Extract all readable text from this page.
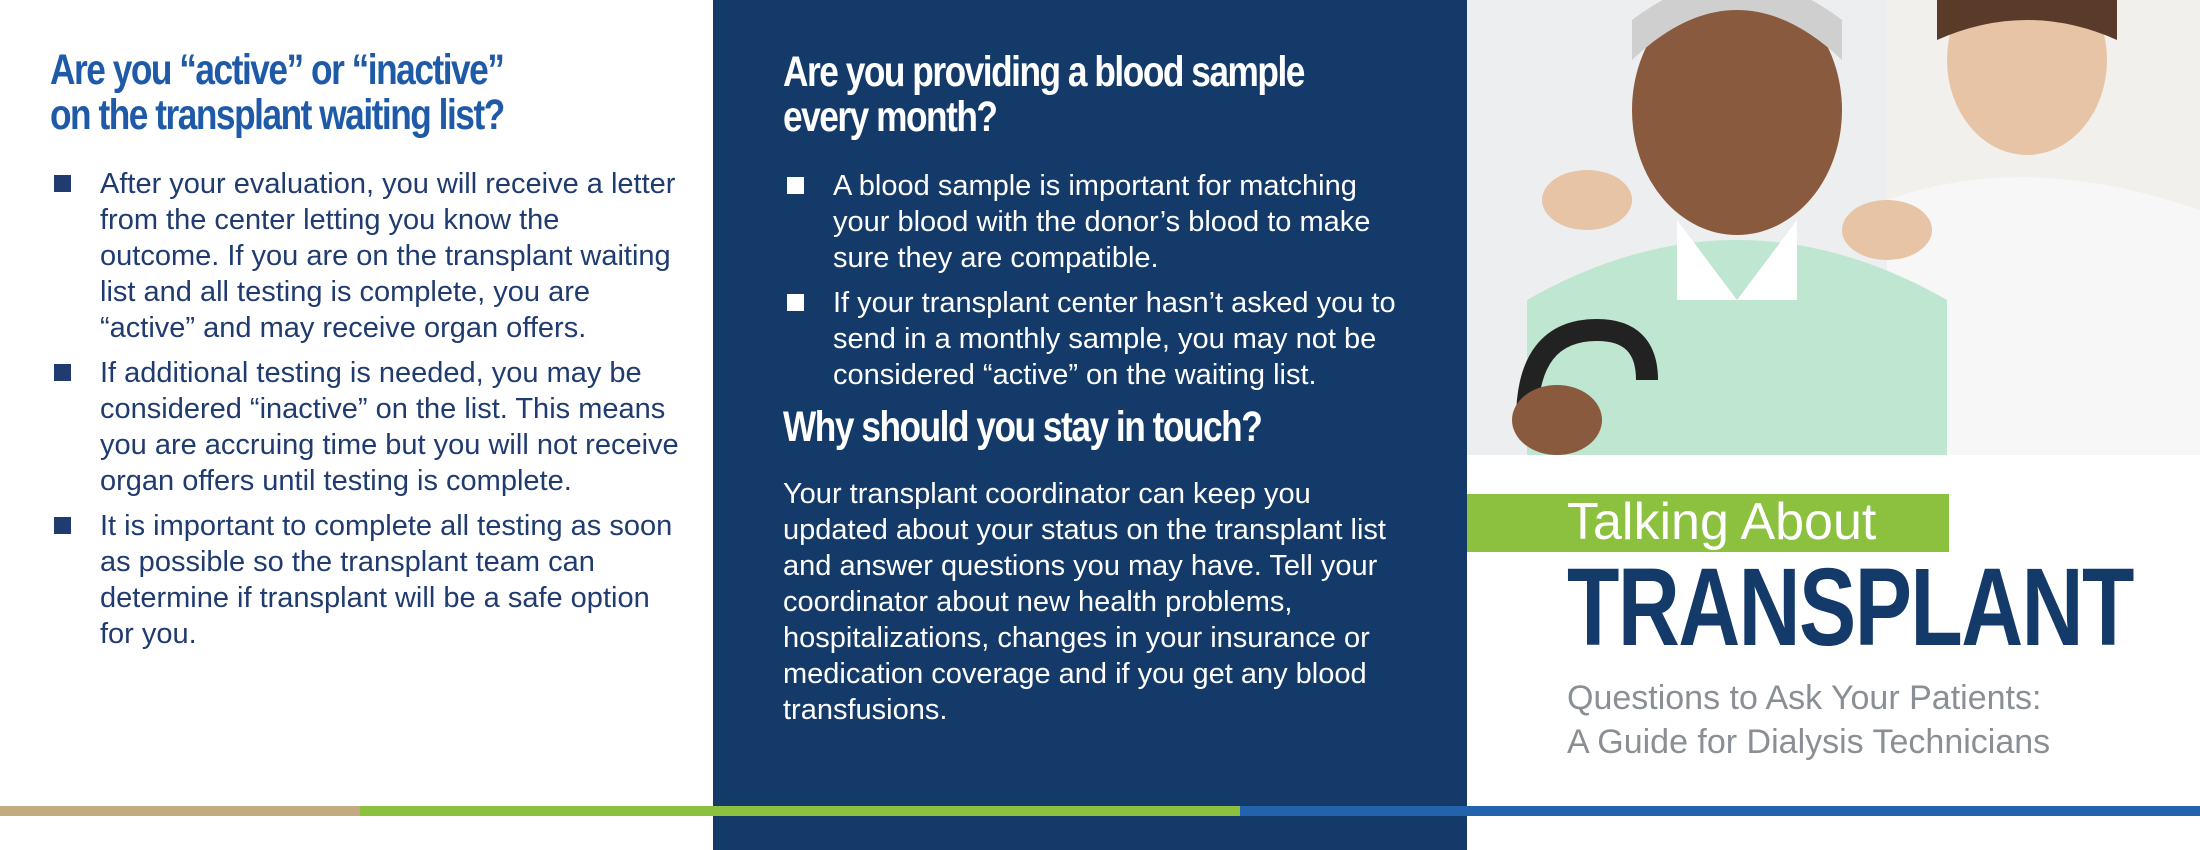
Are you “active” or “inactive”
on the transplant waiting list?
After your evaluation, you will receive a letter from the center letting you know the outcome. If you are on the transplant waiting list and all testing is complete, you are “active” and may receive organ offers.
If additional testing is needed, you may be considered “inactive” on the list. This means you are accruing time but you will not receive organ offers until testing is complete.
It is important to complete all testing as soon as possible so the transplant team can determine if transplant will be a safe option for you.
Are you providing a blood sample
every month?
A blood sample is important for matching your blood with the donor’s blood to make sure they are compatible.
If your transplant center hasn’t asked you to send in a monthly sample, you may not be considered “active” on the waiting list.
Why should you stay in touch?
Your transplant coordinator can keep you updated about your status on the transplant list and answer questions you may have. Tell your coordinator about new health problems, hospitalizations, changes in your insurance or medication coverage and if you get any blood transfusions.
Talking About
TRANSPLANT
Questions to Ask Your Patients:
A Guide for Dialysis Technicians
